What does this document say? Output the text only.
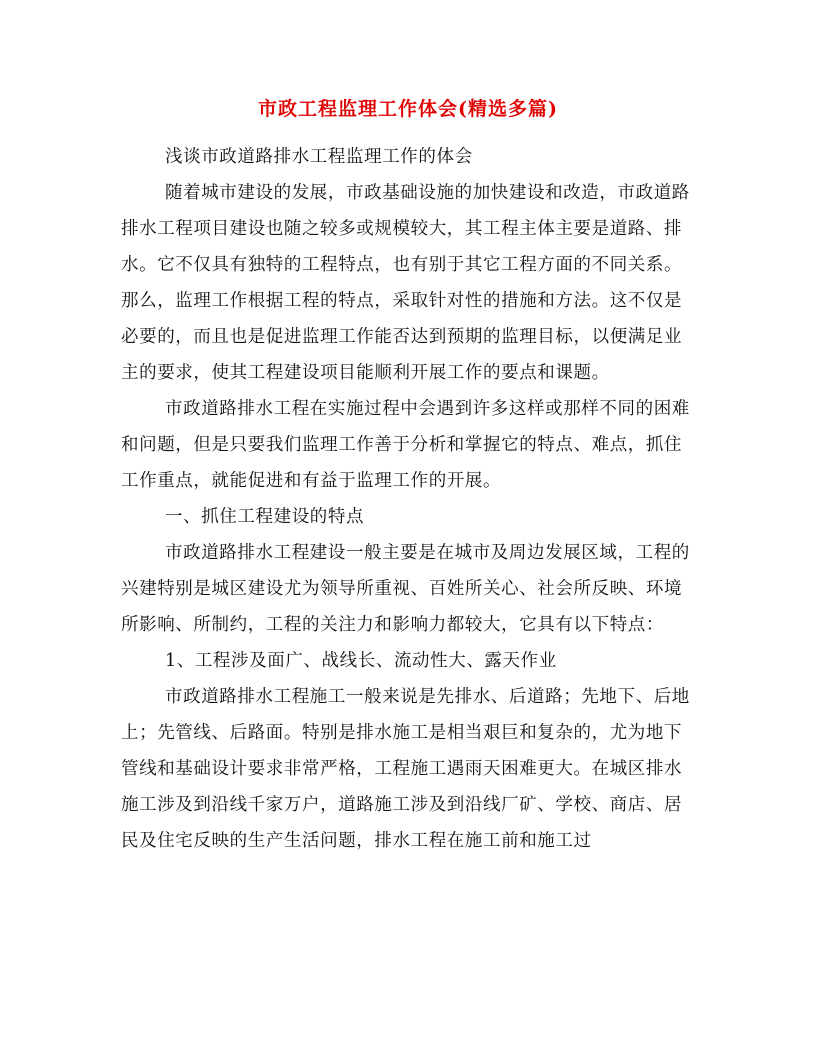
市政工程监理工作体会(精选多篇)

浅谈市政道路排水工程监理工作的体会

随着城市建设的发展，市政基础设施的加快建设和改造，市政道路排水工程项目建设也随之较多或规模较大，其工程主体主要是道路、排水。它不仅具有独特的工程特点，也有别于其它工程方面的不同关系。那么，监理工作根据工程的特点，采取针对性的措施和方法。这不仅是必要的，而且也是促进监理工作能否达到预期的监理目标，以便满足业主的要求，使其工程建设项目能顺利开展工作的要点和课题。

市政道路排水工程在实施过程中会遇到许多这样或那样不同的困难和问题，但是只要我们监理工作善于分析和掌握它的特点、难点，抓住工作重点，就能促进和有益于监理工作的开展。

一、抓住工程建设的特点

市政道路排水工程建设一般主要是在城市及周边发展区域，工程的兴建特别是城区建设尤为领导所重视、百姓所关心、社会所反映、环境所影响、所制约，工程的关注力和影响力都较大，它具有以下特点：

1、工程涉及面广、战线长、流动性大、露天作业

市政道路排水工程施工一般来说是先排水、后道路；先地下、后地上；先管线、后路面。特别是排水施工是相当艰巨和复杂的，尤为地下管线和基础设计要求非常严格，工程施工遇雨天困难更大。在城区排水施工涉及到沿线千家万户，道路施工涉及到沿线厂矿、学校、商店、居民及住宅反映的生产生活问题，排水工程在施工前和施工过
